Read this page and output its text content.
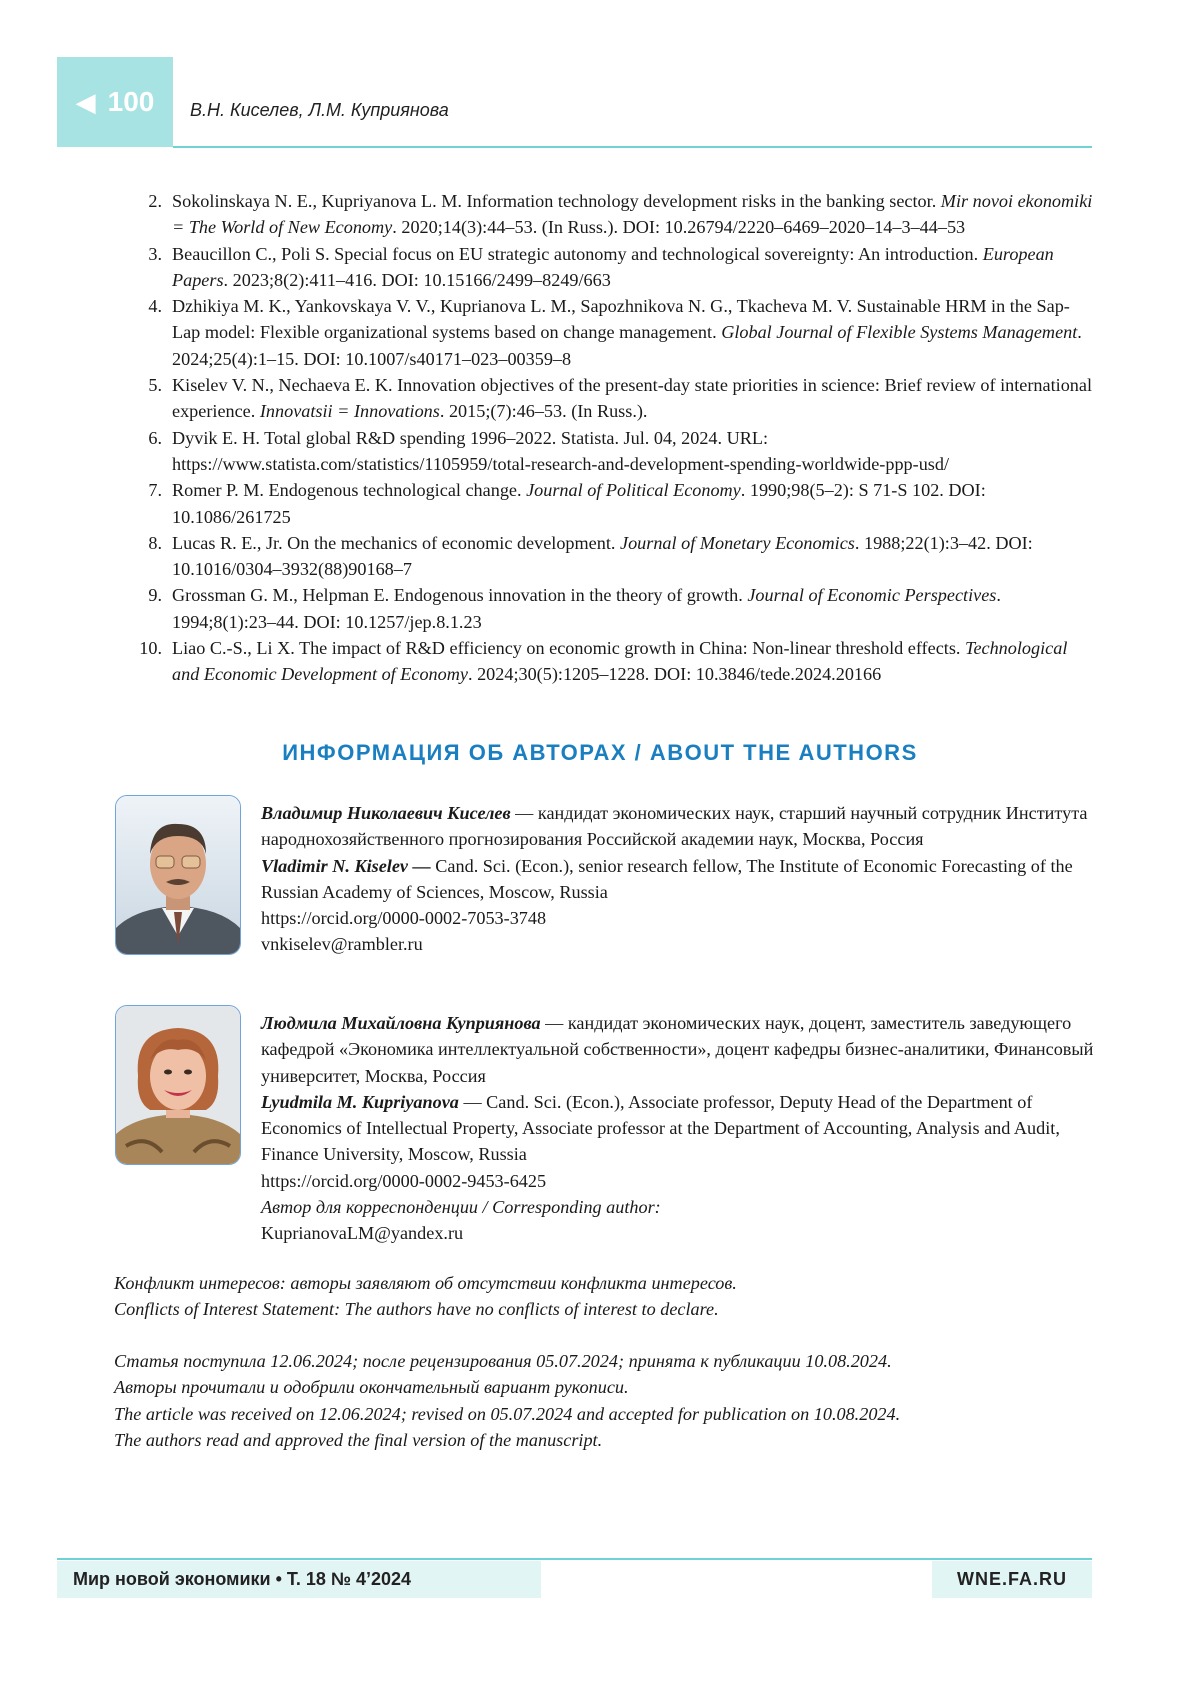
◀ 100 В.Н. Киселев, Л.М. Куприянова
2. Sokolinskaya N. E., Kupriyanova L. M. Information technology development risks in the banking sector. Mir novoi ekonomiki = The World of New Economy. 2020;14(3):44–53. (In Russ.). DOI: 10.26794/2220–6469–2020–14–3–44–53
3. Beaucillon C., Poli S. Special focus on EU strategic autonomy and technological sovereignty: An introduction. European Papers. 2023;8(2):411–416. DOI: 10.15166/2499–8249/663
4. Dzhikiya M. K., Yankovskaya V. V., Kuprianova L. M., Sapozhnikova N. G., Tkacheva M. V. Sustainable HRM in the Sap-Lap model: Flexible organizational systems based on change management. Global Journal of Flexible Systems Management. 2024;25(4):1–15. DOI: 10.1007/s40171–023–00359–8
5. Kiselev V. N., Nechaeva E. K. Innovation objectives of the present-day state priorities in science: Brief review of international experience. Innovatsii = Innovations. 2015;(7):46–53. (In Russ.).
6. Dyvik E. H. Total global R&D spending 1996–2022. Statista. Jul. 04, 2024. URL: https://www.statista.com/statistics/1105959/total-research-and-development-spending-worldwide-ppp-usd/
7. Romer P. M. Endogenous technological change. Journal of Political Economy. 1990;98(5–2): S 71-S 102. DOI: 10.1086/261725
8. Lucas R. E., Jr. On the mechanics of economic development. Journal of Monetary Economics. 1988;22(1):3–42. DOI: 10.1016/0304–3932(88)90168–7
9. Grossman G. M., Helpman E. Endogenous innovation in the theory of growth. Journal of Economic Perspectives. 1994;8(1):23–44. DOI: 10.1257/jep.8.1.23
10. Liao C.-S., Li X. The impact of R&D efficiency on economic growth in China: Non-linear threshold effects. Technological and Economic Development of Economy. 2024;30(5):1205–1228. DOI: 10.3846/tede.2024.20166
ИНФОРМАЦИЯ ОБ АВТОРАХ / ABOUT THE AUTHORS
Владимир Николаевич Киселев — кандидат экономических наук, старший научный сотрудник Института народнохозяйственного прогнозирования Российской академии наук, Москва, Россия
Vladimir N. Kiselev — Cand. Sci. (Econ.), senior research fellow, The Institute of Economic Forecasting of the Russian Academy of Sciences, Moscow, Russia
https://orcid.org/0000-0002-7053-3748
vnkiselev@rambler.ru
Людмила Михайловна Куприянова — кандидат экономических наук, доцент, заместитель заведующего кафедрой «Экономика интеллектуальной собственности», доцент кафедры бизнес-аналитики, Финансовый университет, Москва, Россия
Lyudmila M. Kupriyanova — Cand. Sci. (Econ.), Associate professor, Deputy Head of the Department of Economics of Intellectual Property, Associate professor at the Department of Accounting, Analysis and Audit, Finance University, Moscow, Russia
https://orcid.org/0000-0002-9453-6425
Автор для корреспонденции / Corresponding author:
KuprianovaLM@yandex.ru
Конфликт интересов: авторы заявляют об отсутствии конфликта интересов.
Conflicts of Interest Statement: The authors have no conflicts of interest to declare.
Статья поступила 12.06.2024; после рецензирования 05.07.2024; принята к публикации 10.08.2024.
Авторы прочитали и одобрили окончательный вариант рукописи.
The article was received on 12.06.2024; revised on 05.07.2024 and accepted for publication on 10.08.2024.
The authors read and approved the final version of the manuscript.
Мир новой экономики • Т. 18 № 4’2024	WNE.FA.RU
